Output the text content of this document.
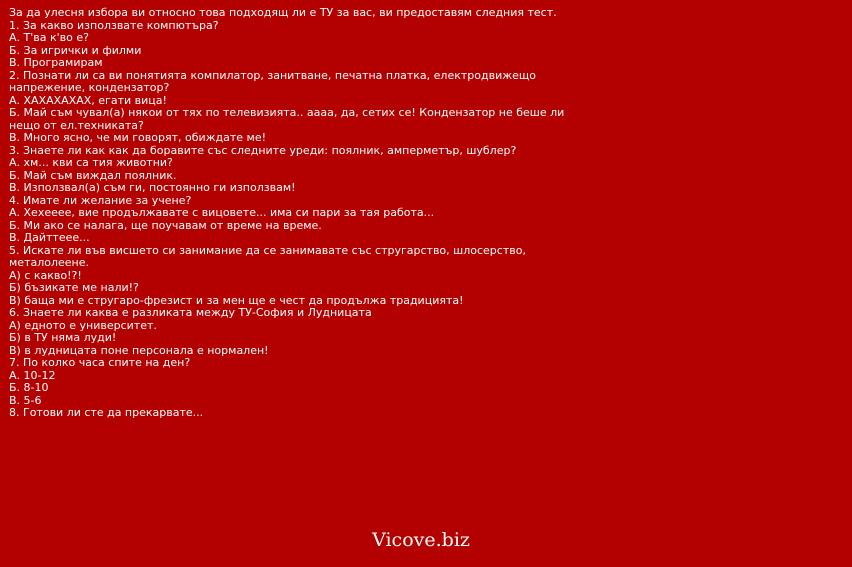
За да улесня избора ви относно това подходящ ли е ТУ за вас, ви предоставям следния тест.
1. За какво използвате компютъра?
А. Т'ва к'во е?
Б. За игрички и филми
В. Програмирам
2. Познати ли са ви понятията компилатор, занитване, печатна платка, електродвижещо напрежение, кондензатор?
А. ХАХАХАХАХ, егати вица!
Б. Май съм чувал(а) някои от тях по телевизията.. аааа, да, сетих се! Кондензатор не беше ли нещо от ел.техниката?
В. Много ясно, че ми говорят, обиждате ме!
3. Знаете ли как как да боравите със следните уреди: поялник, амперметър, шублер?
А. хм... кви са тия животни?
Б. Май съм виждал поялник.
В. Използвал(а) съм ги, постоянно ги използвам!
4. Имате ли желание за учене?
А. Хехееее, вие продължавате с вицовете... има си пари за тая работа...
Б. Ми ако се налага, ще поучавам от време на време.
В. Дайттеее...
5. Искате ли във висшето си занимание да се занимавате със стругарство, шлосерство, металолеене.
А) с какво!?!
Б) бъзикате ме нали!?
В) баща ми е стругаро-фрезист и за мен ще е чест да продължа традицията!
6. Знаете ли каква е разликата между ТУ-София и Лудницата
А) едното е университет.
Б) в ТУ няма луди!
В) в лудницата поне персонала е нормален!
7. По колко часа спите на ден?
А. 10-12
Б. 8-10
В. 5-6
8. Готови ли сте да прекарвате...
Vicove.biz
